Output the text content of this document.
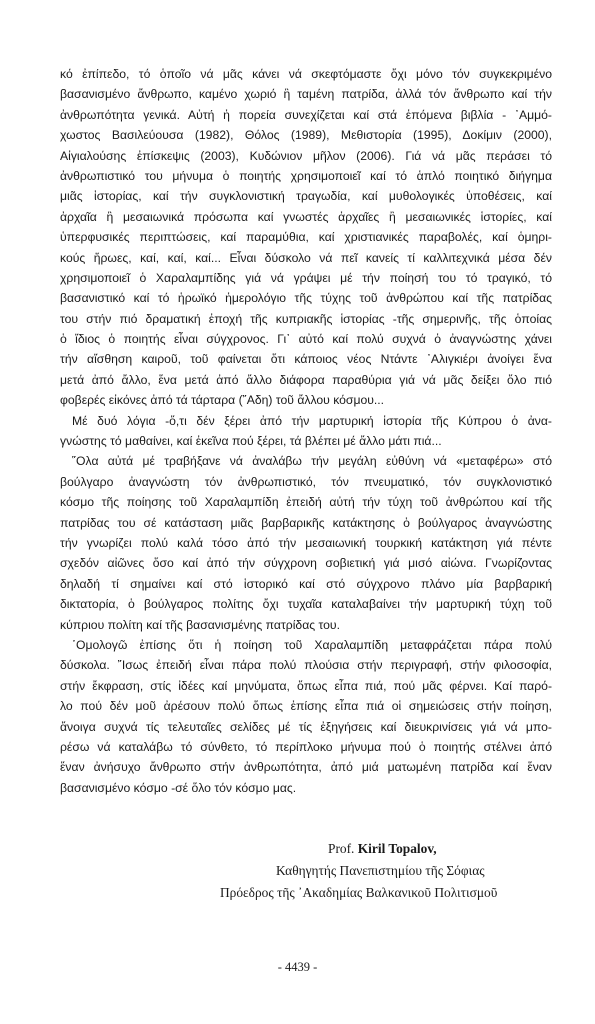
κό ἐπίπεδο, τό ὁποῖο νά μᾶς κάνει νά σκεφτόμαστε ὄχι μόνο τόν συγκεκριμένο
βασανισμένο ἄνθρωπο, καμένο χωριό ἢ ταμένη πατρίδα, ἀλλά τόν ἄνθρωπο καί τήν
ἀνθρωπότητα γενικά. Αὐτή ἡ πορεία συνεχίζεται καί στά ἑπόμενα βιβλία - ᾿Αμμό-
χωστος Βασιλεύουσα (1982), Θόλος (1989), Μεθιστορία (1995), Δοκίμιν (2000),
Αἰγιαλούσης ἐπίσκεψις (2003), Κυδώνιον μῆλον (2006). Γιά νά μᾶς περάσει τό
ἀνθρωπιστικό του μήνυμα ὁ ποιητής χρησιμοποιεῖ καί τό ἁπλό ποιητικό διήγημα
μιᾶς ἱστορίας, καί τήν συγκλονιστική τραγωδία, καί μυθολογικές ὑποθέσεις, καί
ἀρχαῖα ἢ μεσαιωνικά πρόσωπα καί γνωστές ἀρχαῖες ἢ μεσαιωνικές ἱστορίες, καί
ὑπερφυσικές περιπτώσεις, καί παραμύθια, καί χριστιανικές παραβολές, καί ὁμηρι-
κούς ἥρωες, καί, καί, καί... Εἶναι δύσκολο νά πεῖ κανείς τί καλλιτεχνικά μέσα δέν
χρησιμοποιεῖ ὁ Χαραλαμπίδης γιά νά γράψει μέ τήν ποίησή του τό τραγικό, τό
βασανιστικό καί τό ἡρωϊκό ἡμερολόγιο τῆς τύχης τοῦ ἀνθρώπου καί τῆς πατρίδας
του στήν πιό δραματική ἐποχή τῆς κυπριακῆς ἱστορίας -τῆς σημερινῆς, τῆς ὁποίας
ὁ ἴδιος ὁ ποιητής εἶναι σύγχρονος. Γι᾿ αὐτό καί πολύ συχνά ὁ ἀναγνώστης χάνει
τήν αἴσθηση καιροῦ, τοῦ φαίνεται ὅτι κάποιος νέος Ντάντε ᾿Αλιγκιέρι ἀνοίγει ἕνα
μετά ἀπό ἄλλο, ἕνα μετά ἀπό ἄλλο διάφορα παραθύρια γιά νά μᾶς δείξει ὅλο πιό
φοβερές εἰκόνες ἀπό τά τάρταρα (῞Αδη) τοῦ ἄλλου κόσμου...
Μέ δυό λόγια -ὅ,τι δέν ξέρει ἀπό τήν μαρτυρική ἱστορία τῆς Κύπρου ὁ ἀνα-
γνώστης τό μαθαίνει, καί ἐκεῖνα πού ξέρει, τά βλέπει μέ ἄλλο μάτι πιά...
῞Ολα αὐτά μέ τραβήξανε νά ἀναλάβω τήν μεγάλη εὐθύνη νά «μεταφέρω» στό
βούλγαρο ἀναγνώστη τόν ἀνθρωπιστικό, τόν πνευματικό, τόν συγκλονιστικό
κόσμο τῆς ποίησης τοῦ Χαραλαμπίδη ἐπειδή αὐτή τήν τύχη τοῦ ἀνθρώπου καί τῆς
πατρίδας του σέ κατάσταση μιᾶς βαρβαρικῆς κατάκτησης ὁ βούλγαρος ἀναγνώστης
τήν γνωρίζει πολύ καλά τόσο ἀπό τήν μεσαιωνική τουρκική κατάκτηση γιά πέντε
σχεδόν αἰῶνες ὅσο καί ἀπό τήν σύγχρονη σοβιετική γιά μισό αἰώνα. Γνωρίζοντας
δηλαδή τί σημαίνει καί στό ἱστορικό καί στό σύγχρονο πλάνο μία βαρβαρική
δικτατορία, ὁ βούλγαρος πολίτης ὄχι τυχαῖα καταλαβαίνει τήν μαρτυρική τύχη τοῦ
κύπριου πολίτη καί τῆς βασανισμένης πατρίδας του.
῾Ομολογῶ ἐπίσης ὅτι ἡ ποίηση τοῦ Χαραλαμπίδη μεταφράζεται πάρα πολύ
δύσκολα. ῎Ισως ἐπειδή εἶναι πάρα πολύ πλούσια στήν περιγραφή, στήν φιλοσοφία,
στήν ἔκφραση, στίς ἰδέες καί μηνύματα, ὅπως εἶπα πιά, πού μᾶς φέρνει. Καί παρό-
λο πού δέν μοῦ ἀρέσουν πολύ ὅπως ἐπίσης εἶπα πιά οἱ σημειώσεις στήν ποίηση,
ἄνοιγα συχνά τίς τελευταῖες σελίδες μέ τίς ἐξηγήσεις καί διευκρινίσεις γιά νά μπο-
ρέσω νά καταλάβω τό σύνθετο, τό περίπλοκο μήνυμα πού ὁ ποιητής στέλνει ἀπό
ἕναν ἀνήσυχο ἄνθρωπο στήν ἀνθρωπότητα, ἀπό μιά ματωμένη πατρίδα καί ἕναν
βασανισμένο κόσμο -σέ ὅλο τόν κόσμο μας.
Prof. Kiril Topalov,
Καθηγητής Πανεπιστημίου τῆς Σόφιας
Πρόεδρος τῆς ᾿Ακαδημίας Βαλκανικοῦ Πολιτισμοῦ
- 4439 -
